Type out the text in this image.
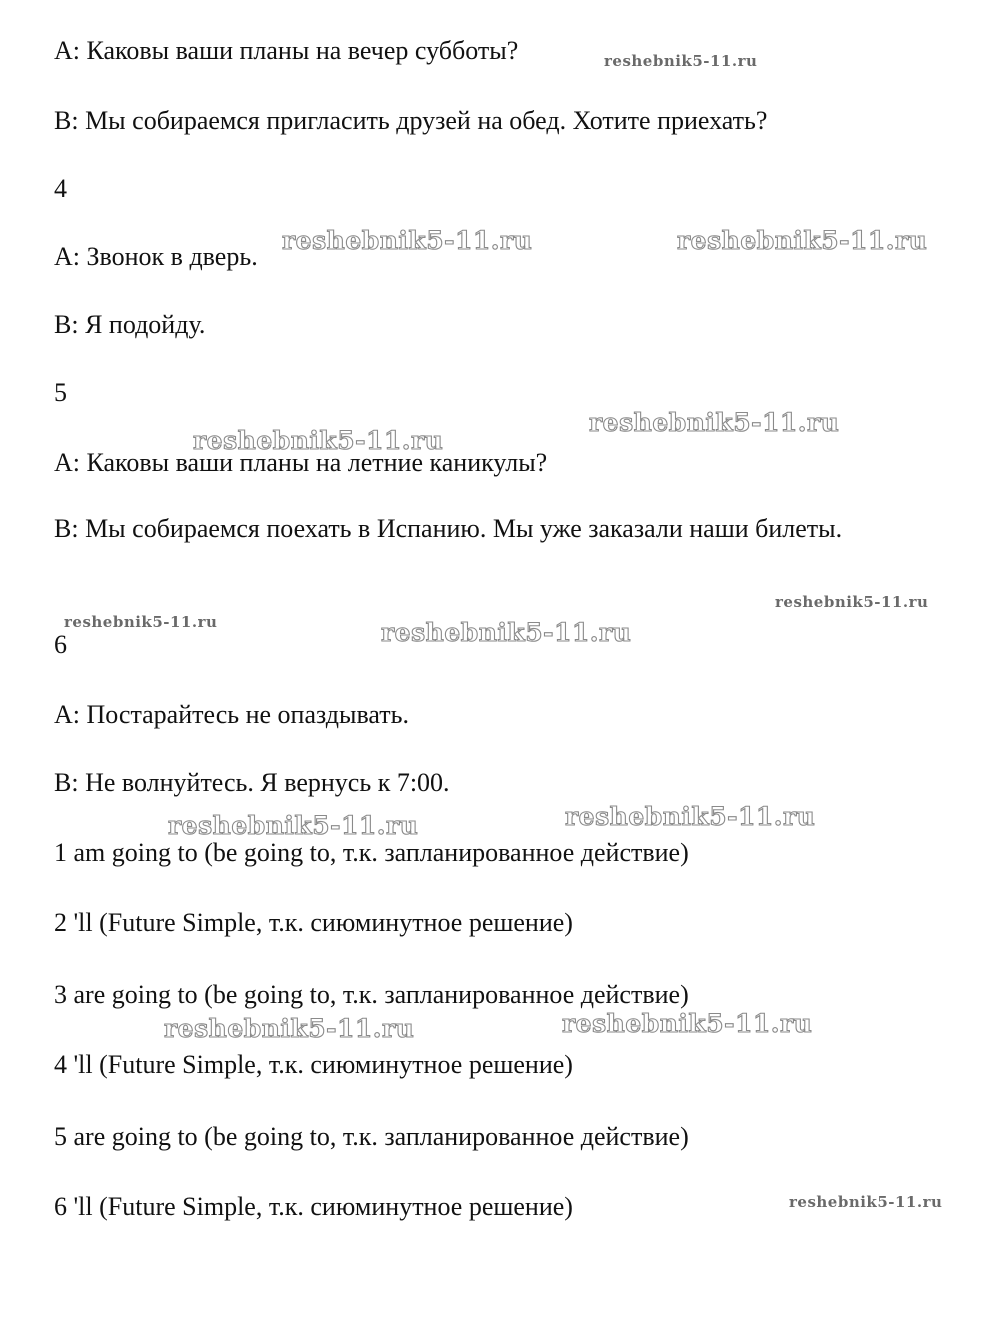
А: Каковы ваши планы на вечер субботы?
В: Мы собираемся пригласить друзей на обед. Хотите приехать?
4
А: Звонок в дверь.
В: Я подойду.
5
А: Каковы ваши планы на летние каникулы?
В: Мы собираемся поехать в Испанию. Мы уже заказали наши билеты.
6
А: Постарайтесь не опаздывать.
В: Не волнуйтесь. Я вернусь к 7:00.
1 am going to (be going to, т.к. запланированное действие)
2 'll (Future Simple, т.к. сиюминутное решение)
3 are going to (be going to, т.к. запланированное действие)
4 'll (Future Simple, т.к. сиюминутное решение)
5 are going to (be going to, т.к. запланированное действие)
6 'll (Future Simple, т.к. сиюминутное решение)
reshebnik5-11.ru
reshebnik5-11.ru	reshebnik5-11.ru
reshebnik5-11.ru
reshebnik5-11.ru
reshebnik5-11.ru
reshebnik5-11.ru	reshebnik5-11.ru
reshebnik5-11.ru
reshebnik5-11.ru
reshebnik5-11.ru
reshebnik5-11.ru
reshebnik5-11.ru
